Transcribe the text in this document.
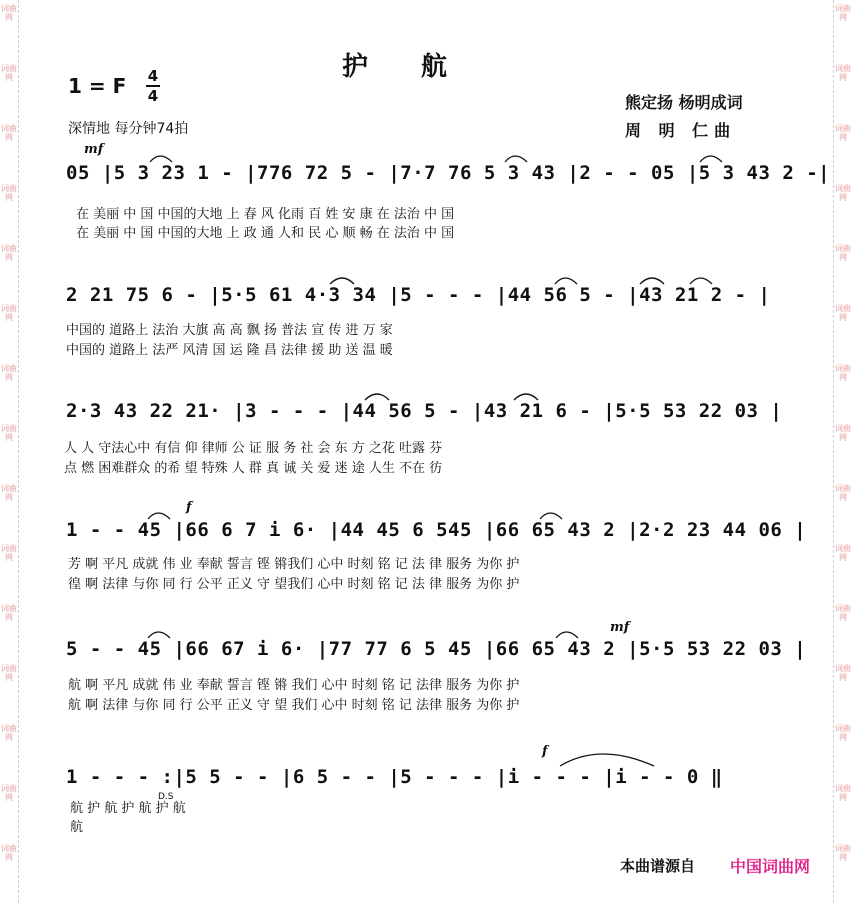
词曲网
词曲网
词曲网
词曲网
词曲网
词曲网
词曲网
词曲网
词曲网
词曲网
词曲网
词曲网
词曲网
词曲网
词曲网
词曲网
词曲网
词曲网
词曲网
词曲网
词曲网
词曲网
词曲网
词曲网
词曲网
词曲网
词曲网
词曲网
词曲网
词曲网
护 航
1 = F 4
4
深情地 每分钟74拍
熊定扬 杨明成词
周 明 仁曲
mf
05 |5 3 23 1 - |776 72 5 - |7·7 76 5 3 43 |2 - - 05 |5 3 43 2 -|
在 美丽 中 国 中国的大地 上 春 风 化雨 百 姓 安 康 在 法治 中 国
在 美丽 中 国 中国的大地 上 政 通 人和 民 心 顺 畅 在 法治 中 国
2 21 75 6 - |5·5 61 4·3 34 |5 - - - |44 56 5 - |43 21 2 - |
中国的 道路上 法治 大旗 高 高 飘 扬 普法 宣 传 进 万 家
中国的 道路上 法严 风清 国 运 隆 昌 法律 援 助 送 温 暖
2·3 43 22 21· |3 - - - |44 56 5 - |43 21 6 - |5·5 53 22 03 |
人 人 守法心中 有信 仰 律师 公 证 服 务 社 会 东 方 之花 吐露 芬
点 燃 困难群众 的希 望 特殊 人 群 真 诚 关 爱 迷 途 人生 不在 彷
f
1 - - 45 |66 6 7 i 6· |44 45 6 545 |66 65 43 2 |2·2 23 44 06 |
芳 啊 平凡 成就 伟 业 奉献 誓言 铿 锵我们 心中 时刻 铭 记 法 律 服务 为你 护
徨 啊 法律 与你 同 行 公平 正义 守 望我们 心中 时刻 铭 记 法 律 服务 为你 护
mf
5 - - 45 |66 67 i 6· |77 77 6 5 45 |66 65 43 2 |5·5 53 22 03 |
航 啊 平凡 成就 伟 业 奉献 誓言 铿 锵 我们 心中 时刻 铭 记 法律 服务 为你 护
航 啊 法律 与你 同 行 公平 正义 守 望 我们 心中 时刻 铭 记 法律 服务 为你 护
f
1 - - - :|5 5 - - |6 5 - - |5 - - - |i - - - |i - - 0 ‖
D.S
航 护 航 护 航 护 航
航
本曲谱源自 中国词曲网
